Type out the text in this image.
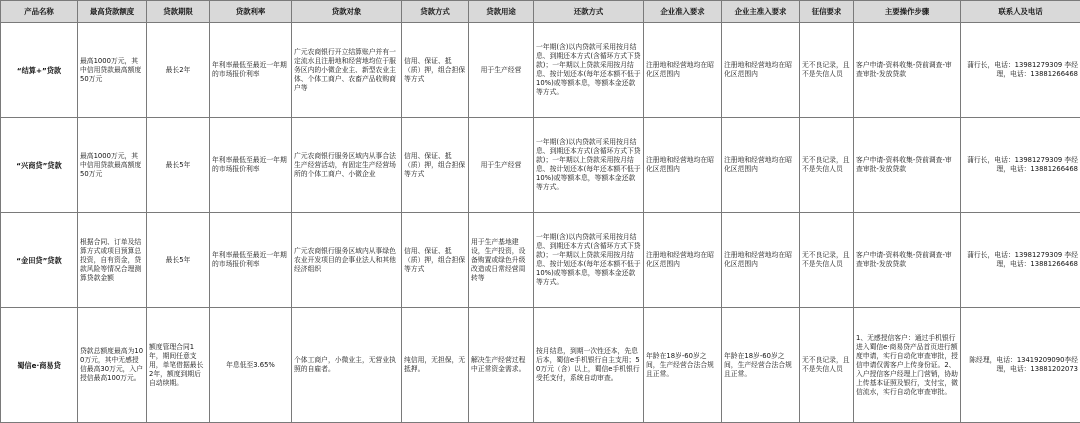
产品名称	最高贷款额度	贷款期限	贷款利率	贷款对象	贷款方式	贷款用途	还款方式	企业准入要求	企业主准入要求	征信要求	主要操作步骤	联系人及电话
“结算+”贷款	最高1000万元，其中信用贷款最高额度50万元	最长2年	年利率最低至最近一年期的市场报价利率	广元农商银行开立结算账户并有一定流水且注册地和经营地均位于服务区内的小微企业主、新型农业主体、个体工商户、农畜产品收购商户等	信用、保证、抵（质）押，组合担保等方式	用于生产经营	一年期(含)以内贷款可采用按月结息、到期还本方式(含循环方式下贷款)；一年期以上贷款采用按月结息、按计划还本(每年还本额不低于10%)或等额本息，等额本金还款等方式。	注册地和经营地均在昭化区范围内	注册地和经营地均在昭化区范围内	无不良记录，且不是失信人员	客户申请-资料收集-贷前调查-审查审批-发放贷款	蒲行长，电话：13981279309 李经理，电话：13881266468
“兴商贷”贷款	最高1000万元，其中信用贷款最高额度50万元	最长5年	年利率最低至最近一年期的市场报价利率	广元农商银行服务区域内从事合法生产经营活动，有固定生产经营场所的个体工商户、小微企业	信用、保证、抵（质）押，组合担保等方式	用于生产经营	一年期(含)以内贷款可采用按月结息、到期还本方式(含循环方式下贷款)；一年期以上贷款采用按月结息、按计划还本(每年还本额不低于10%)或等额本息，等额本金还款等方式。	注册地和经营地均在昭化区范围内	注册地和经营地均在昭化区范围内	无不良记录，且不是失信人员	客户申请-资料收集-贷前调查-审查审批-发放贷款	蒲行长，电话：13981279309 李经理，电话：13881266468
“金田贷”贷款	根据合同、订单及结算方式或项目预算总投资，自有资金，贷款风险等情况合理测算贷款金额	最长5年	年利率最低至最近一年期的市场报价利率	广元农商银行服务区域内从事绿色农业开发项目的企事业法人和其他经济组织	信用、保证、抵（质）押，组合担保等方式	用于生产基地建设，生产投资，设备购置或绿色升级改造或日常经营周转等	一年期(含)以内贷款可采用按月结息、到期还本方式(含循环方式下贷款)；一年期以上贷款采用按月结息、按计划还本(每年还本额不低于10%)或等额本息，等额本金还款等方式。	注册地和经营地均在昭化区范围内	注册地和经营地均在昭化区范围内	无不良记录，且不是失信人员	客户申请-资料收集-贷前调查-审查审批-发放贷款	蒲行长，电话：13981279309 李经理，电话：13881266468
蜀信e·商易贷	贷款总额度最高为100万元，其中无感授信最高30万元，入户授信最高100万元。	额度管理合同1年，期间任意支用，单笔借据最长2年，额度到期后自动续期。	年息低至3.65%	个体工商户，小微业主，无营业执照的自雇者。	纯信用，无担保，无抵押。	解决生产经营过程中正常资金需求。	按月结息，到期一次性还本，先息后本，蜀信e手机银行自主支用；50万元（含）以上，蜀信e手机银行受托支付，系统自动审查。	年龄在18岁-60岁之间，生产经营合法合规且正常。	年龄在18岁-60岁之间，生产经营合法合规且正常。	无不良记录，且不是失信人员	1、无感授信客户：通过手机银行进入蜀信e·商易贷产品首页进行额度申请，实行自动化审查审批，授信申请仅需客户上传身份证。2、入户授信客户经理上门营销，协助上传基本证照及银行，支付宝，微信流水，实行自动化审查审批。	陈经理，电话：13419209090李经理，电话：13881202073
